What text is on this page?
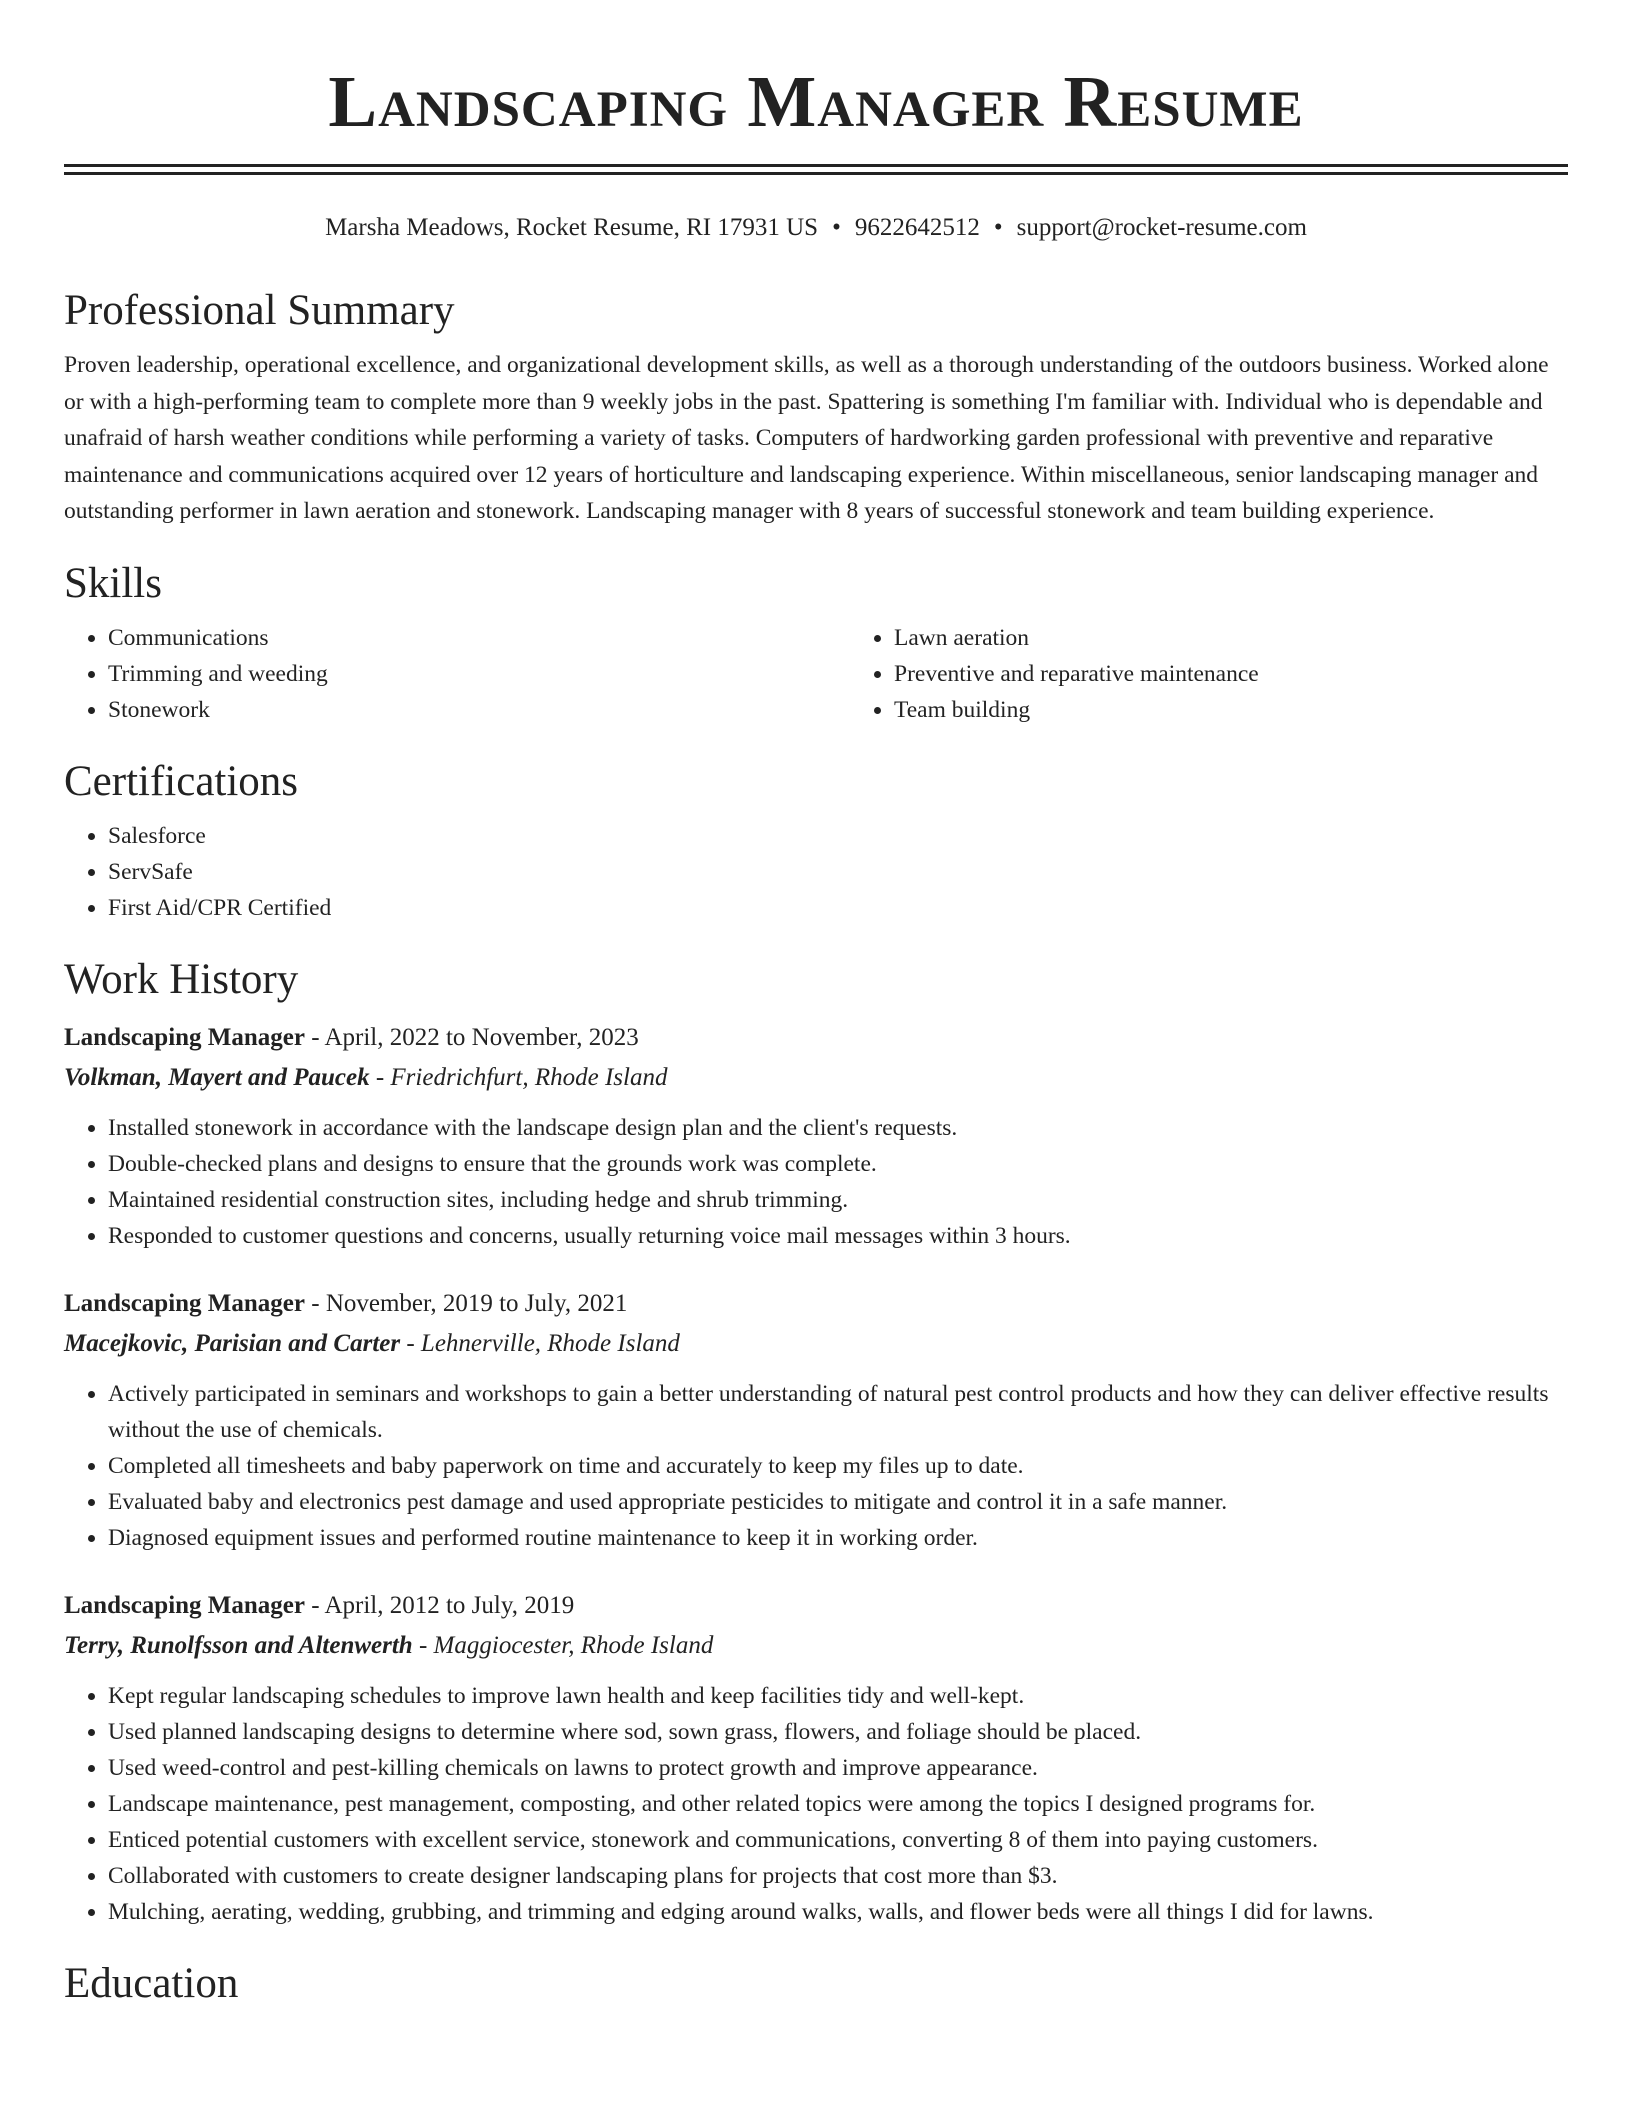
Landscaping Manager Resume
Marsha Meadows, Rocket Resume, RI 17931 US • 9622642512 • support@rocket-resume.com
Professional Summary

Proven leadership, operational excellence, and organizational development skills, as well as a thorough understanding of the outdoors business. Worked alone or with a high-performing team to complete more than 9 weekly jobs in the past. Spattering is something I'm familiar with. Individual who is dependable and unafraid of harsh weather conditions while performing a variety of tasks. Computers of hardworking garden professional with preventive and reparative maintenance and communications acquired over 12 years of horticulture and landscaping experience. Within miscellaneous, senior landscaping manager and outstanding performer in lawn aeration and stonework. Landscaping manager with 8 years of successful stonework and team building experience.

Skills
• Communications
• Trimming and weeding
• Stonework
• Lawn aeration
• Preventive and reparative maintenance
• Team building
Certifications
• Salesforce
• ServSafe
• First Aid/CPR Certified
Work History
Landscaping Manager - April, 2022 to November, 2023
Volkman, Mayert and Paucek - Friedrichfurt, Rhode Island
• Installed stonework in accordance with the landscape design plan and the client's requests.
• Double-checked plans and designs to ensure that the grounds work was complete.
• Maintained residential construction sites, including hedge and shrub trimming.
• Responded to customer questions and concerns, usually returning voice mail messages within 3 hours.
Landscaping Manager - November, 2019 to July, 2021
Macejkovic, Parisian and Carter - Lehnerville, Rhode Island
• Actively participated in seminars and workshops to gain a better understanding of natural pest control products and how they can deliver effective results without the use of chemicals.
• Completed all timesheets and baby paperwork on time and accurately to keep my files up to date.
• Evaluated baby and electronics pest damage and used appropriate pesticides to mitigate and control it in a safe manner.
• Diagnosed equipment issues and performed routine maintenance to keep it in working order.
Landscaping Manager - April, 2012 to July, 2019
Terry, Runolfsson and Altenwerth - Maggiocester, Rhode Island
• Kept regular landscaping schedules to improve lawn health and keep facilities tidy and well-kept.
• Used planned landscaping designs to determine where sod, sown grass, flowers, and foliage should be placed.
• Used weed-control and pest-killing chemicals on lawns to protect growth and improve appearance.
• Landscape maintenance, pest management, composting, and other related topics were among the topics I designed programs for.
• Enticed potential customers with excellent service, stonework and communications, converting 8 of them into paying customers.
• Collaborated with customers to create designer landscaping plans for projects that cost more than $3.
• Mulching, aerating, wedding, grubbing, and trimming and edging around walks, walls, and flower beds were all things I did for lawns.
Education
